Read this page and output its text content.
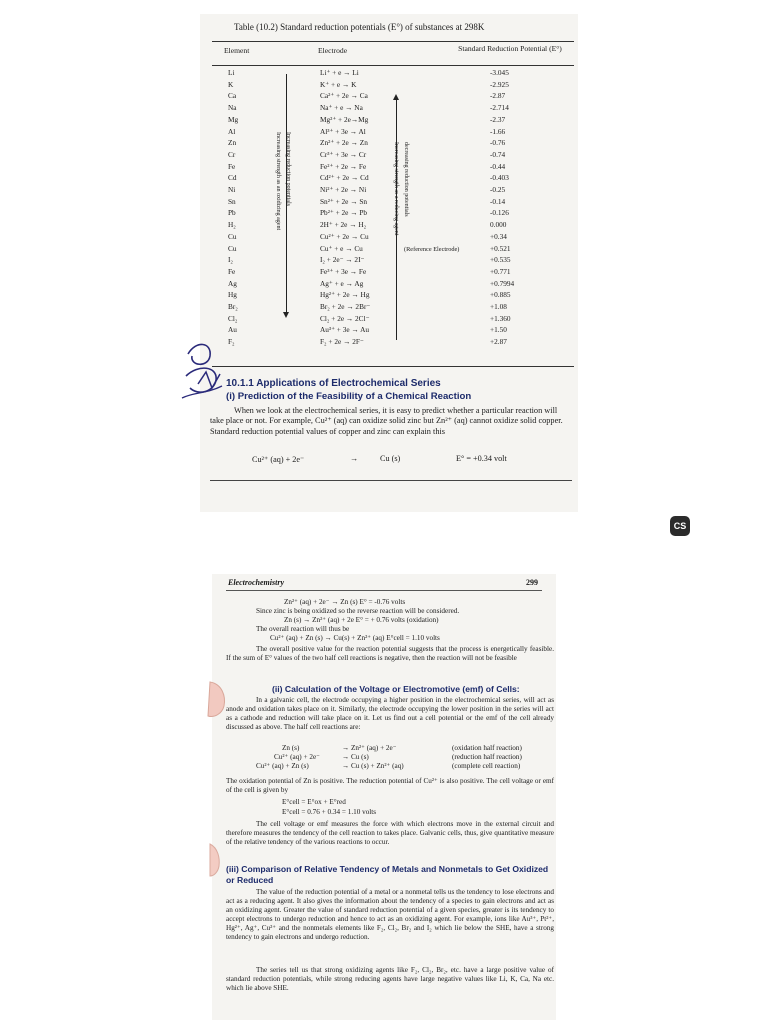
Table (10.2) Standard reduction potentials (E°) of substances at 298K
Element	Electrode	Standard Reduction Potential (E°)
Li	Li⁺ + e → Li	-3.045
K	K⁺ + e → K	-2.925
Ca	Ca²⁺ + 2e → Ca	-2.87
Na	Na⁺ + e → Na	-2.714
Mg	Mg²⁺ + 2e→Mg	-2.37
Al	Al³⁺ + 3e → Al	-1.66
Zn	Zn²⁺ + 2e → Zn	-0.76
Cr	Cr³⁺ + 3e → Cr	-0.74
Fe	Fe²⁺ + 2e → Fe	-0.44
Cd	Cd²⁺ + 2e → Cd	-0.403
Ni	Ni²⁺ + 2e → Ni	-0.25
Sn	Sn²⁺ + 2e → Sn	-0.14
Pb	Pb²⁺ + 2e → Pb	-0.126
H₂	2H⁺ + 2e → H₂	0.000
Cu	Cu²⁺ + 2e → Cu	+0.34
Cu	Cu⁺ + e → Cu	+0.521
I₂	I₂ + 2e⁻ → 2I⁻	+0.535
Fe	Fe³⁺ + 3e → Fe	+0.771
Ag	Ag⁺ + e → Ag	+0.7994
Hg	Hg²⁺ + 2e → Hg	+0.885
Br₂	Br₂ + 2e → 2Br⁻	+1.08
Cl₂	Cl₂ + 2e → 2Cl⁻	+1.360
Au	Au³⁺ + 3e → Au	+1.50
F₂	F₂ + 2e → 2F⁻	+2.87
(Reference Electrode)
Increasing strength as an oxidizing agent Increasing reduction potentials	Increasing strength as a reducing agent decreasing reduction potentials
10.1.1 Applications of Electrochemical Series
(i) Prediction of the Feasibility of a Chemical Reaction
When we look at the electrochemical series, it is easy to predict whether a particular reaction will take place or not. For example, Cu²⁺ (aq) can oxidize solid zinc but Zn²⁺ (aq) cannot oxidize solid copper. Standard reduction potential values of copper and zinc can explain this
Cu²⁺ (aq) + 2e⁻	→	Cu (s)	E° = +0.34 volt
CS
Electrochemistry	299
Zn²⁺ (aq) + 2e⁻ → Zn (s) E° = -0.76 volts
Since zinc is being oxidized so the reverse reaction will be considered.
Zn (s) → Zn²⁺ (aq) + 2e E° = + 0.76 volts (oxidation)
The overall reaction will thus be
Cu²⁺ (aq) + Zn (s) → Cu(s) + Zn²⁺ (aq) E°cell = 1.10 volts
The overall positive value for the reaction potential suggests that the process is energetically feasible. If the sum of E° values of the two half cell reactions is negative, then the reaction will not be feasible
(ii) Calculation of the Voltage or Electromotive (emf) of Cells:
In a galvanic cell, the electrode occupying a higher position in the electrochemical series, will act as anode and oxidation takes place on it. Similarly, the electrode occupying the lower position in the series will act as a cathode and reduction will take place on it. Let us find out a cell potential or the emf of the cell already discussed as above. The half cell reactions are:
Zn (s)	→ Zn²⁺ (aq) + 2e⁻	(oxidation half reaction)
Cu²⁺ (aq) + 2e⁻	→ Cu (s)	(reduction half reaction)
Cu²⁺ (aq) + Zn (s)	→ Cu (s) + Zn²⁺ (aq)	(complete cell reaction)
The oxidation potential of Zn is positive. The reduction potential of Cu²⁺ is also positive. The cell voltage or emf of the cell is given by
E°cell = E°ox + E°red
E°cell = 0.76 + 0.34 = 1.10 volts
The cell voltage or emf measures the force with which electrons move in the external circuit and therefore measures the tendency of the cell reaction to takes place. Galvanic cells, thus, give quantitative measure of the relative tendency of the various reactions to occur.
(iii) Comparison of Relative Tendency of Metals and Nonmetals to Get Oxidized or Reduced
The value of the reduction potential of a metal or a nonmetal tells us the tendency to lose electrons and act as a reducing agent. It also gives the information about the tendency of a species to gain electrons and act as an oxidizing agent. Greater the value of standard reduction potential of a given species, greater is its tendency to accept electrons to undergo reduction and hence to act as an oxidizing agent. For example, ions like Au³⁺, Pt²⁺, Hg²⁺, Ag⁺, Cu²⁺ and the nonmetals elements like F₂, Cl₂, Br₂ and I₂ which lie below the SHE, have a strong tendency to gain electrons and undergo reduction.
The series tell us that strong oxidizing agents like F₂, Cl₂, Br₂, etc. have a large positive value of standard reduction potentials, while strong reducing agents have large negative values like Li, K, Ca, Na etc. which lie above SHE.
